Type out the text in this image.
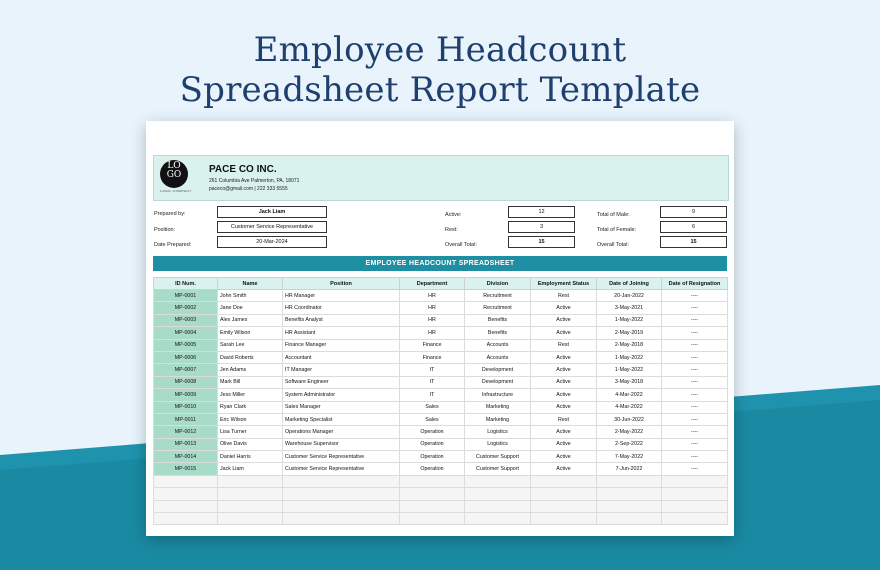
Employee Headcount
Spreadsheet Report Template
LO
GO
LOGO COMPANY
PACE CO INC.
261 Columbia Ave Palmerton, PA, 18071
paceco@gmail.com | 222 333 5555
Prepared by:	Jack Liam
Position:	Customer Service Representative
Date Prepared:	20-Mar-2024
Active:	12
Rest:	3
Overall Total:	15
Total of Male:	9
Total of Female:	6
Overall Total:	15
EMPLOYEE HEADCOUNT SPREADSHEET
ID Num.	Name	Position	Department	Division	Employment Status	Date of Joining	Date of Resignation
MP-0001	John Smith	HR Manager	HR	Recruitment	Rest	20-Jan-2022	----
MP-0002	Jane Doe	HR Coordinator	HR	Recruitment	Active	3-May-2021	----
MP-0003	Alex James	Benefits Analyst	HR	Benefits	Active	1-May-2022	----
MP-0004	Emily Wilson	HR Assistant	HR	Benefits	Active	2-May-2019	----
MP-0005	Sarah Lee	Finance Manager	Finance	Accounts	Rest	2-May-2018	----
MP-0006	David Roberts	Accountant	Finance	Accounts	Active	1-May-2022	----
MP-0007	Jen Adams	IT Manager	IT	Development	Active	1-May-2022	----
MP-0008	Mark Bill	Software Engineer	IT	Development	Active	3-May-2018	----
MP-0009	Jess Miller	System Administrator	IT	Infrastructure	Active	4-Mar-2022	----
MP-0010	Ryan Clark	Sales Manager	Sales	Marketing	Active	4-Mar-2022	----
MP-0011	Eric Wilson	Marketing Specialist	Sales	Marketing	Rest	30-Jun-2022	----
MP-0012	Lisa Turner	Operations Manager	Operation	Logistics	Active	2-May-2022	----
MP-0013	Olive Davis	Warehouse Supervisor	Operation	Logistics	Active	2-Sep-2022	----
MP-0014	Daniel Harris	Customer Service Representative	Operation	Customer Support	Active	7-May-2022	----
MP-0015	Jack Liam	Customer Service Representative	Operation	Customer Support	Active	7-Jun-2022	----
